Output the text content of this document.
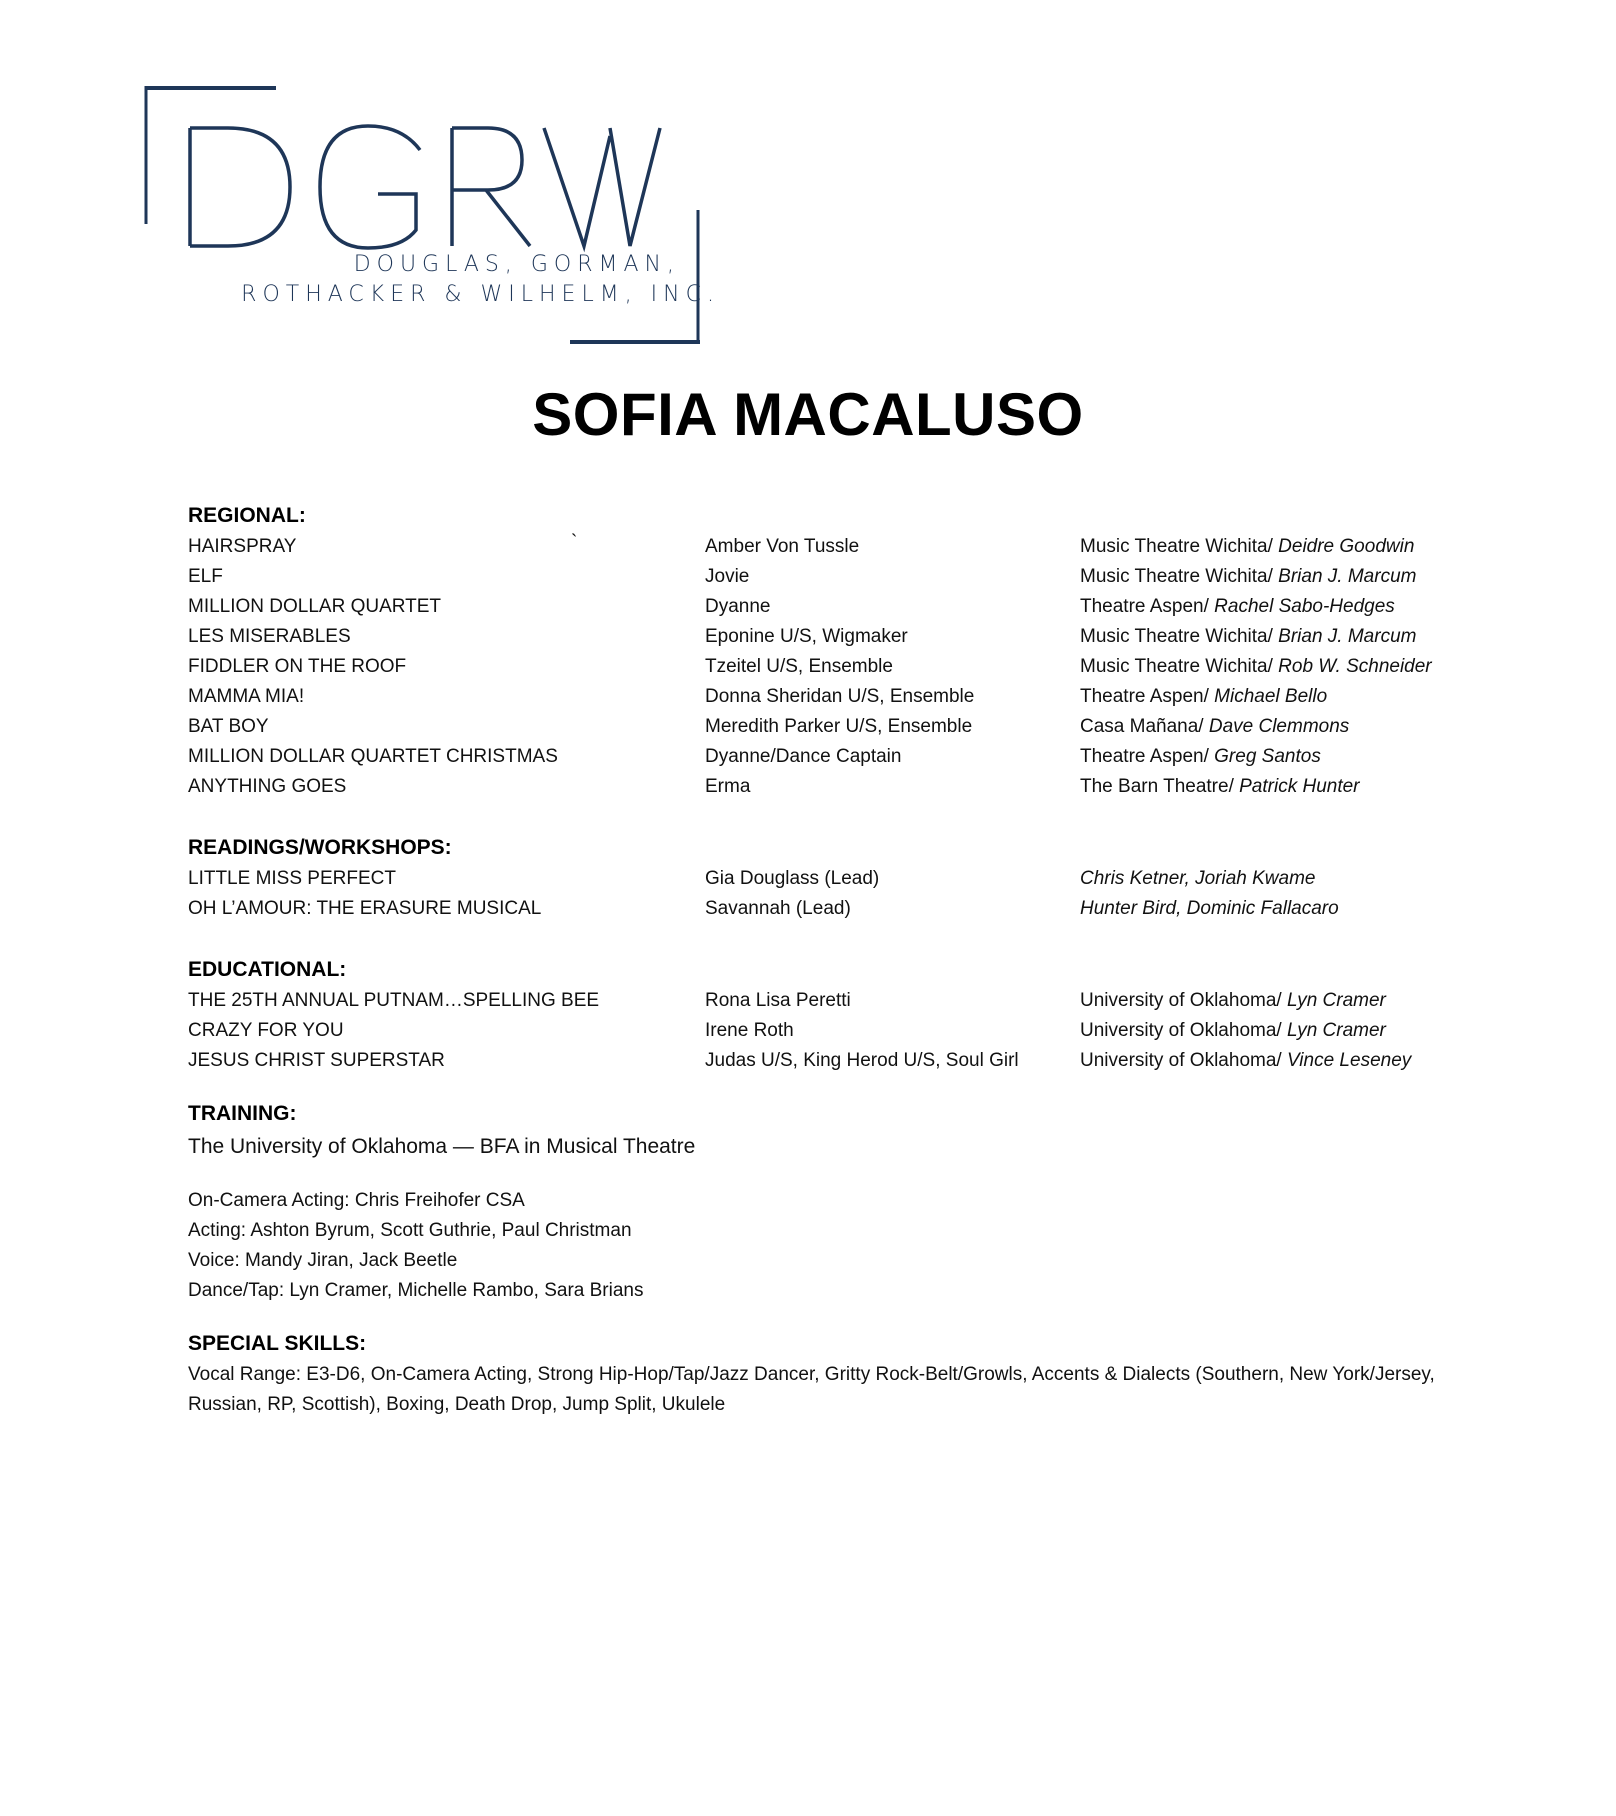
DOUGLAS, GORMAN,
ROTHACKER & WILHELM, INC.
SOFIA MACALUSO
REGIONAL:
HAIRSPRAY	`	Amber Von Tussle	Music Theatre Wichita/ Deidre Goodwin
ELF	Jovie	Music Theatre Wichita/ Brian J. Marcum
MILLION DOLLAR QUARTET	Dyanne	Theatre Aspen/ Rachel Sabo-Hedges
LES MISERABLES	Eponine U/S, Wigmaker	Music Theatre Wichita/ Brian J. Marcum
FIDDLER ON THE ROOF	Tzeitel U/S, Ensemble	Music Theatre Wichita/ Rob W. Schneider
MAMMA MIA!	Donna Sheridan U/S, Ensemble	Theatre Aspen/ Michael Bello
BAT BOY	Meredith Parker U/S, Ensemble	Casa Mañana/ Dave Clemmons
MILLION DOLLAR QUARTET CHRISTMAS	Dyanne/Dance Captain	Theatre Aspen/ Greg Santos
ANYTHING GOES	Erma	The Barn Theatre/ Patrick Hunter
READINGS/WORKSHOPS:
LITTLE MISS PERFECT	Gia Douglass (Lead)	Chris Ketner, Joriah Kwame
OH L’AMOUR: THE ERASURE MUSICAL	Savannah (Lead)	Hunter Bird, Dominic Fallacaro
EDUCATIONAL:
THE 25TH ANNUAL PUTNAM…SPELLING BEE	Rona Lisa Peretti	University of Oklahoma/ Lyn Cramer
CRAZY FOR YOU	Irene Roth	University of Oklahoma/ Lyn Cramer
JESUS CHRIST SUPERSTAR	Judas U/S, King Herod U/S, Soul Girl	University of Oklahoma/ Vince Leseney
TRAINING:
The University of Oklahoma — BFA in Musical Theatre
On-Camera Acting: Chris Freihofer CSA
Acting: Ashton Byrum, Scott Guthrie, Paul Christman
Voice: Mandy Jiran, Jack Beetle
Dance/Tap: Lyn Cramer, Michelle Rambo, Sara Brians
SPECIAL SKILLS:
Vocal Range: E3-D6, On-Camera Acting, Strong Hip-Hop/Tap/Jazz Dancer, Gritty Rock-Belt/Growls, Accents & Dialects (Southern, New York/Jersey, Russian, RP, Scottish), Boxing, Death Drop, Jump Split, Ukulele
